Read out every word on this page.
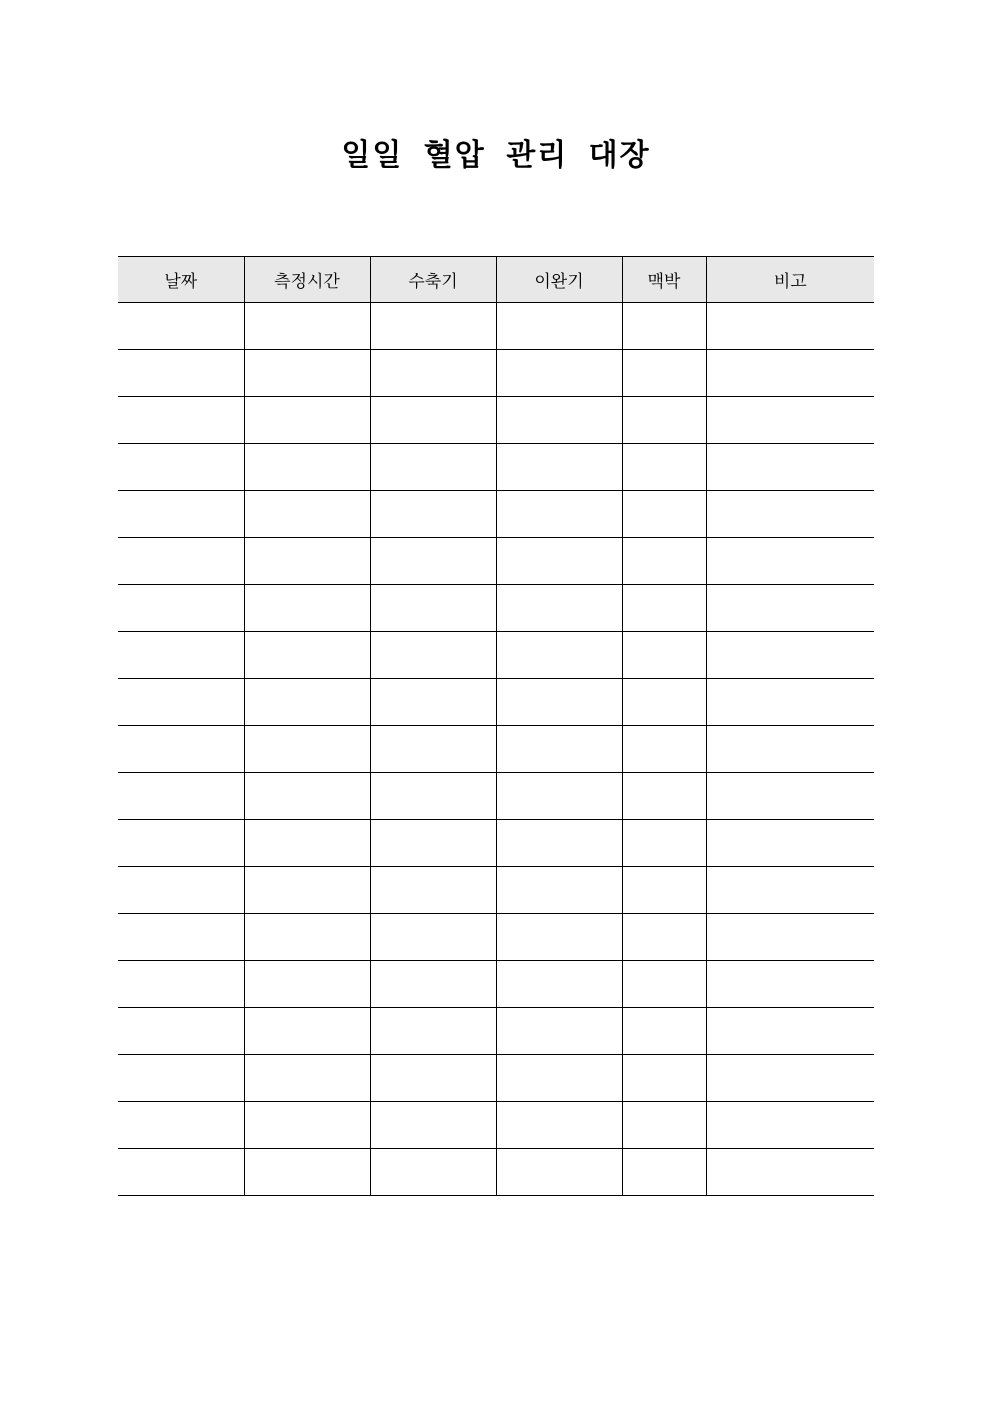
일일 혈압 관리 대장
날짜	측정시간	수축기	이완기	맥박	비고
